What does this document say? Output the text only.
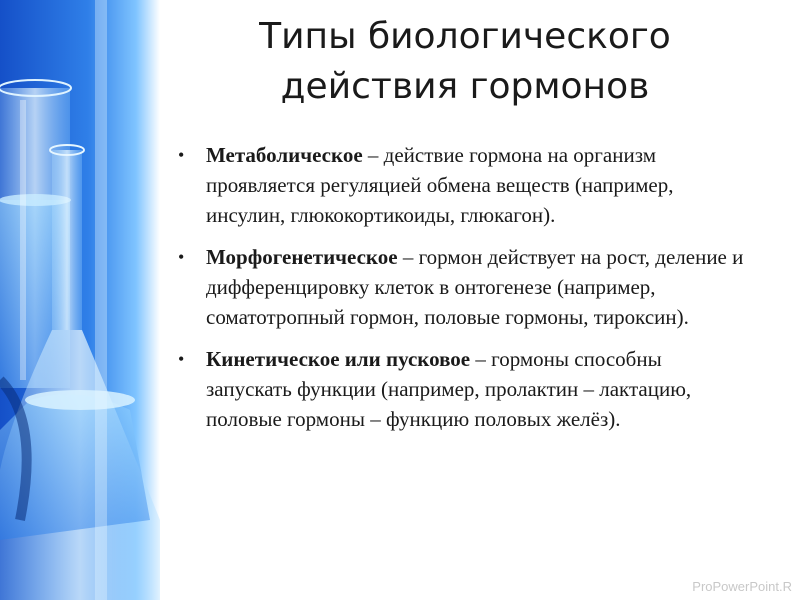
Типы биологического
действия гормонов
• Метаболическое – действие гормона на организм проявляется регуляцией обмена веществ (например, инсулин, глюкокортикоиды, глюкагон).
• Морфогенетическое – гормон действует на рост, деление и дифференцировку клеток в онтогенезе (например, соматотропный гормон, половые гормоны, тироксин).
• Кинетическое или пусковое – гормоны способны запускать функции (например, пролактин – лактацию, половые гормоны – функцию половых желёз).
ProPowerPoint.R
